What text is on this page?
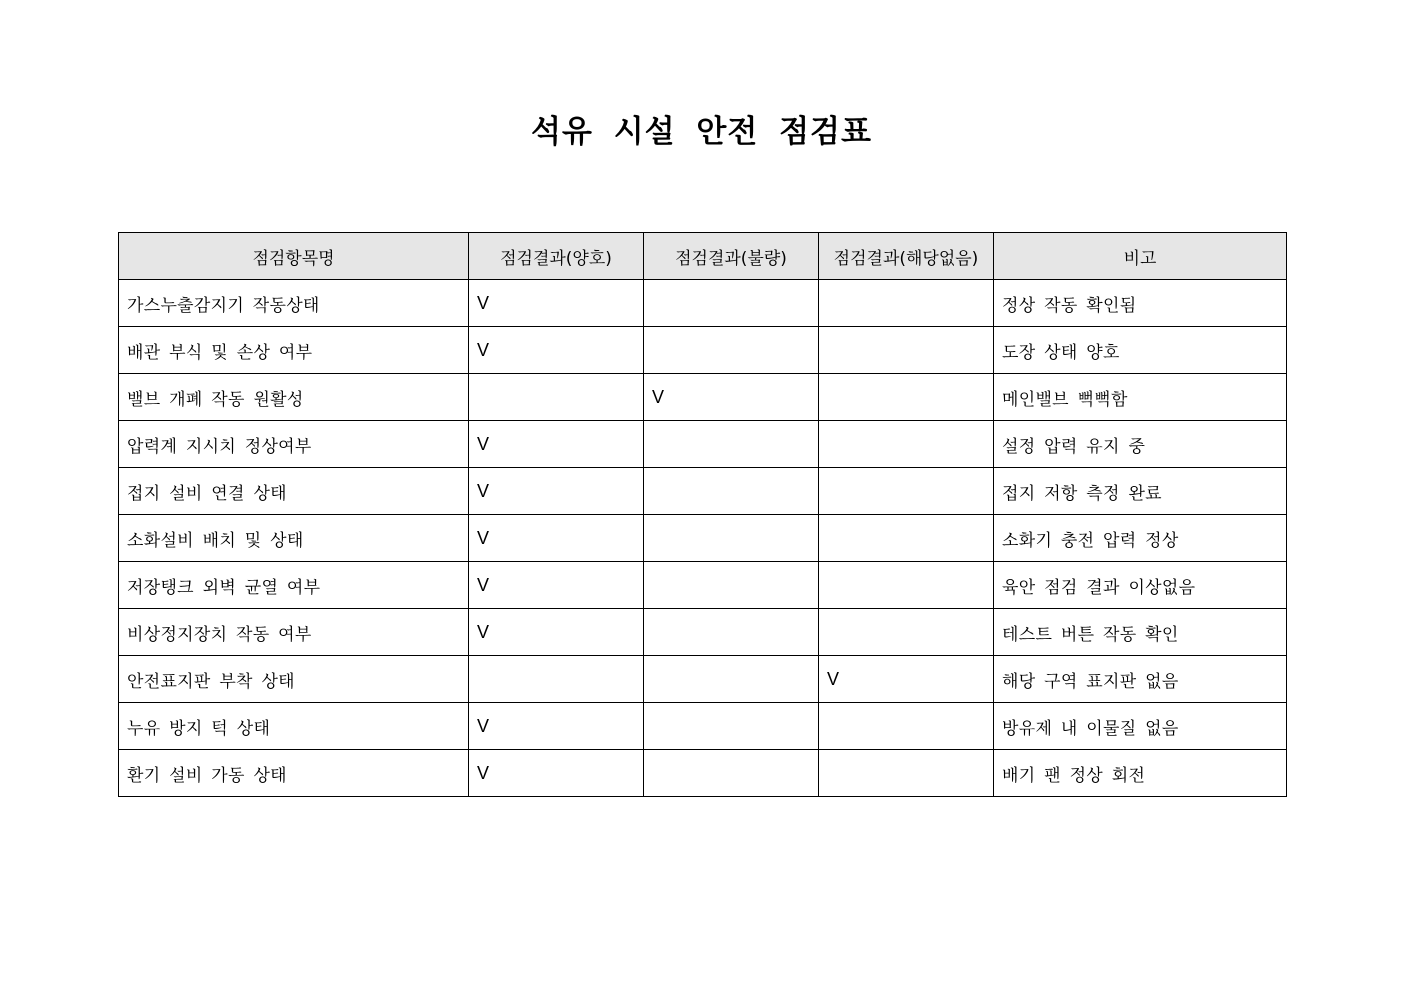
석유 시설 안전 점검표
점검항목명	점검결과(양호)	점검결과(불량)	점검결과(해당없음)	비고
가스누출감지기 작동상태	V			정상 작동 확인됨
배관 부식 및 손상 여부	V			도장 상태 양호
밸브 개폐 작동 원활성		V		메인밸브 뻑뻑함
압력계 지시치 정상여부	V			설정 압력 유지 중
접지 설비 연결 상태	V			접지 저항 측정 완료
소화설비 배치 및 상태	V			소화기 충전 압력 정상
저장탱크 외벽 균열 여부	V			육안 점검 결과 이상없음
비상정지장치 작동 여부	V			테스트 버튼 작동 확인
안전표지판 부착 상태			V	해당 구역 표지판 없음
누유 방지 턱 상태	V			방유제 내 이물질 없음
환기 설비 가동 상태	V			배기 팬 정상 회전
